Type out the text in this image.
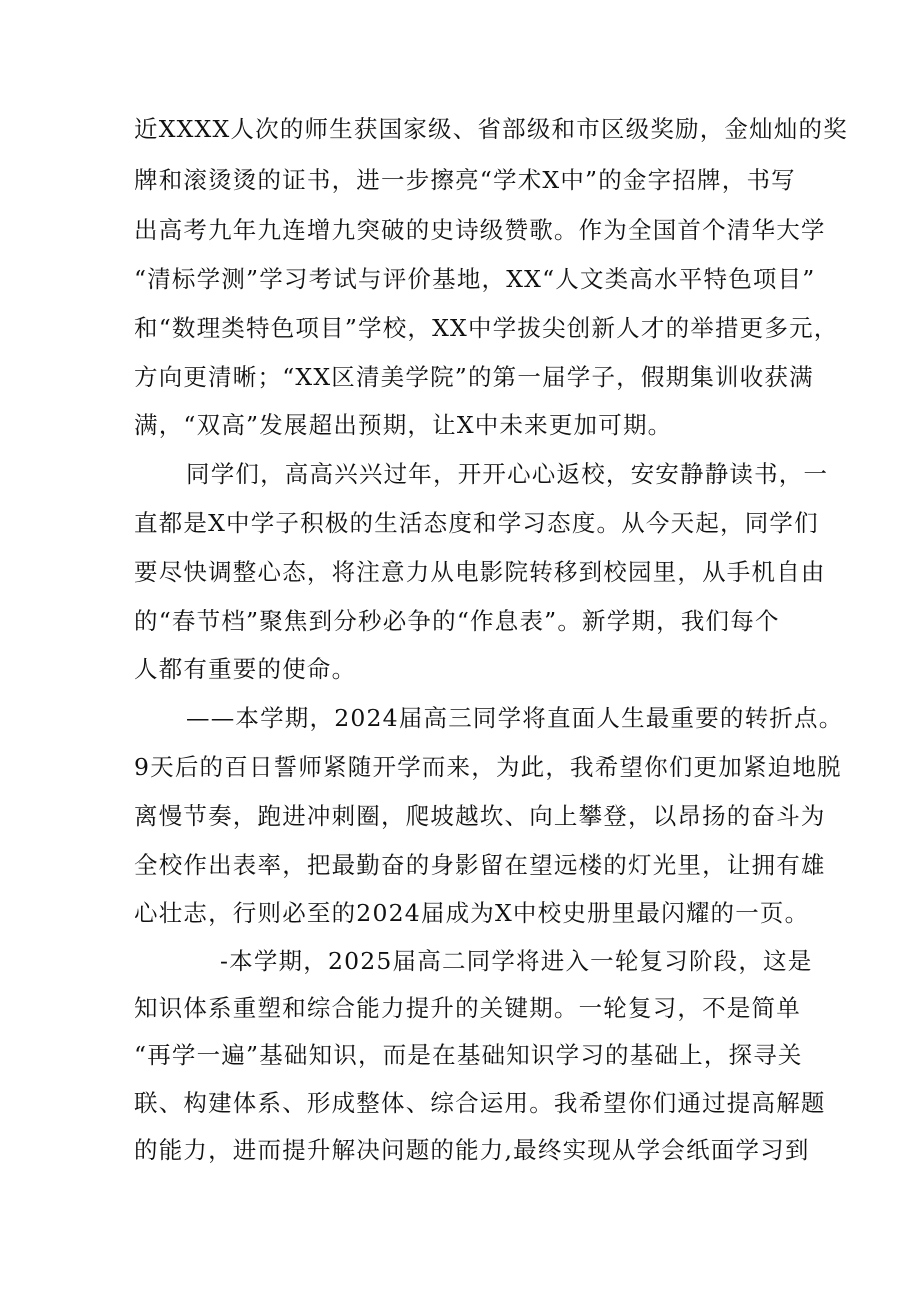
近XXXX人次的师生获国家级、省部级和市区级奖励，金灿灿的奖
牌和滚烫烫的证书，进一步擦亮“学术X中”的金字招牌，书写
出高考九年九连增九突破的史诗级赞歌。作为全国首个清华大学
“清标学测”学习考试与评价基地，XX“人文类高水平特色项目”
和“数理类特色项目”学校，XX中学拔尖创新人才的举措更多元，
方向更清晰；“XX区清美学院”的第一届学子，假期集训收获满
满，“双高”发展超出预期，让X中未来更加可期。
同学们，高高兴兴过年，开开心心返校，安安静静读书，一
直都是X中学子积极的生活态度和学习态度。从今天起，同学们
要尽快调整心态，将注意力从电影院转移到校园里，从手机自由
的“春节档”聚焦到分秒必争的“作息表”。新学期，我们每个
人都有重要的使命。
——本学期，2024届高三同学将直面人生最重要的转折点。
9天后的百日誓师紧随开学而来，为此，我希望你们更加紧迫地脱
离慢节奏，跑进冲刺圈，爬坡越坎、向上攀登，以昂扬的奋斗为
全校作出表率，把最勤奋的身影留在望远楼的灯光里，让拥有雄
心壮志，行则必至的2024届成为X中校史册里最闪耀的一页。
-本学期，2025届高二同学将进入一轮复习阶段，这是
知识体系重塑和综合能力提升的关键期。一轮复习，不是简单
“再学一遍”基础知识，而是在基础知识学习的基础上，探寻关
联、构建体系、形成整体、综合运用。我希望你们通过提高解题
的能力，进而提升解决问题的能力,最终实现从学会纸面学习到
